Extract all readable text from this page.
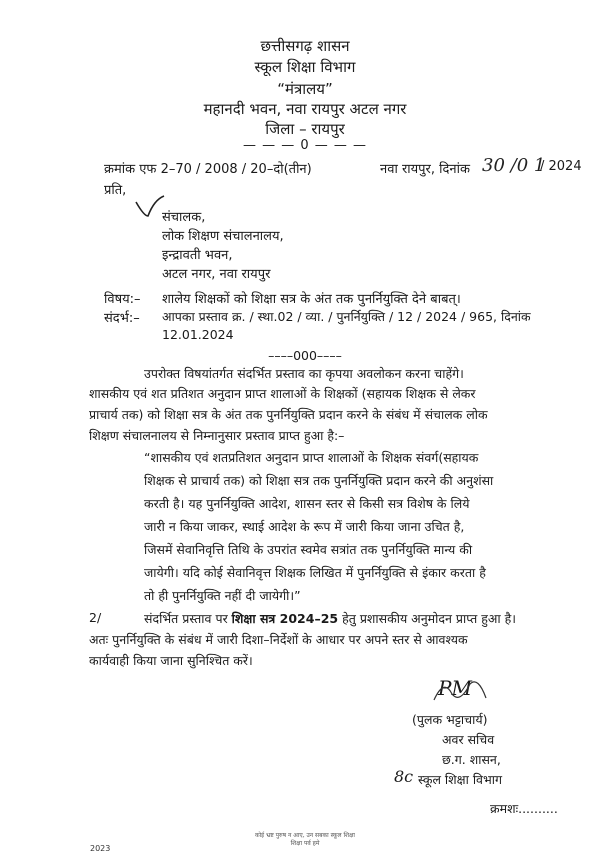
छत्तीसगढ़ शासन
स्कूल शिक्षा विभाग
“मंत्रालय”
महानदी भवन, नवा रायपुर अटल नगर
जिला – रायपुर
— — — 0 — — —
क्रमांक एफ 2–70 / 2008 / 20–दो(तीन)	नवा रायपुर, दिनांक 30 /0 1
/ 2024
प्रति,
संचालक,
लोक शिक्षण संचालनालय,
इन्द्रावती भवन,
अटल नगर, नवा रायपुर
विषय:– शालेय शिक्षकों को शिक्षा सत्र के अंत तक पुनर्नियुक्ति देने बाबत्।
संदर्भ:– आपका प्रस्ताव क्र. / स्था.02 / व्या. / पुनर्नियुक्ति / 12 / 2024 / 965, दिनांक
12.01.2024
––––000––––
उपरोक्त विषयांतर्गत संदर्भित प्रस्ताव का कृपया अवलोकन करना चाहेंगे।
शासकीय एवं शत प्रतिशत अनुदान प्राप्त शालाओं के शिक्षकों (सहायक शिक्षक से लेकर
प्राचार्य तक) को शिक्षा सत्र के अंत तक पुनर्नियुक्ति प्रदान करने के संबंध में संचालक लोक
शिक्षण संचालनालय से निम्नानुसार प्रस्ताव प्राप्त हुआ है:–
“शासकीय एवं शतप्रतिशत अनुदान प्राप्त शालाओं के शिक्षक संवर्ग(सहायक
शिक्षक से प्राचार्य तक) को शिक्षा सत्र तक पुनर्नियुक्ति प्रदान करने की अनुशंसा
करती है। यह पुनर्नियुक्ति आदेश, शासन स्तर से किसी सत्र विशेष के लिये
जारी न किया जाकर, स्थाई आदेश के रूप में जारी किया जाना उचित है,
जिसमें सेवानिवृत्ति तिथि के उपरांत स्वमेव सत्रांत तक पुनर्नियुक्ति मान्य की
जायेगी। यदि कोई सेवानिवृत्त शिक्षक लिखित में पुनर्नियुक्ति से इंकार करता है
तो ही पुनर्नियुक्ति नहीं दी जायेगी।”
2/	संदर्भित प्रस्ताव पर शिक्षा सत्र 2024–25 हेतु प्रशासकीय अनुमोदन प्राप्त हुआ है।
अतः पुनर्नियुक्ति के संबंध में जारी दिशा–निर्देशों के आधार पर अपने स्तर से आवश्यक
कार्यवाही किया जाना सुनिश्चित करें।
PM
(पुलक भट्टाचार्य)
अवर सचिव
छ.ग. शासन,
8c स्कूल शिक्षा विभाग
क्रमशः..........
कोई भ्रष्ट पुरुष न आए, उन सबका स्कूल शिक्षा
शिक्षा पर्व हमे
2023
